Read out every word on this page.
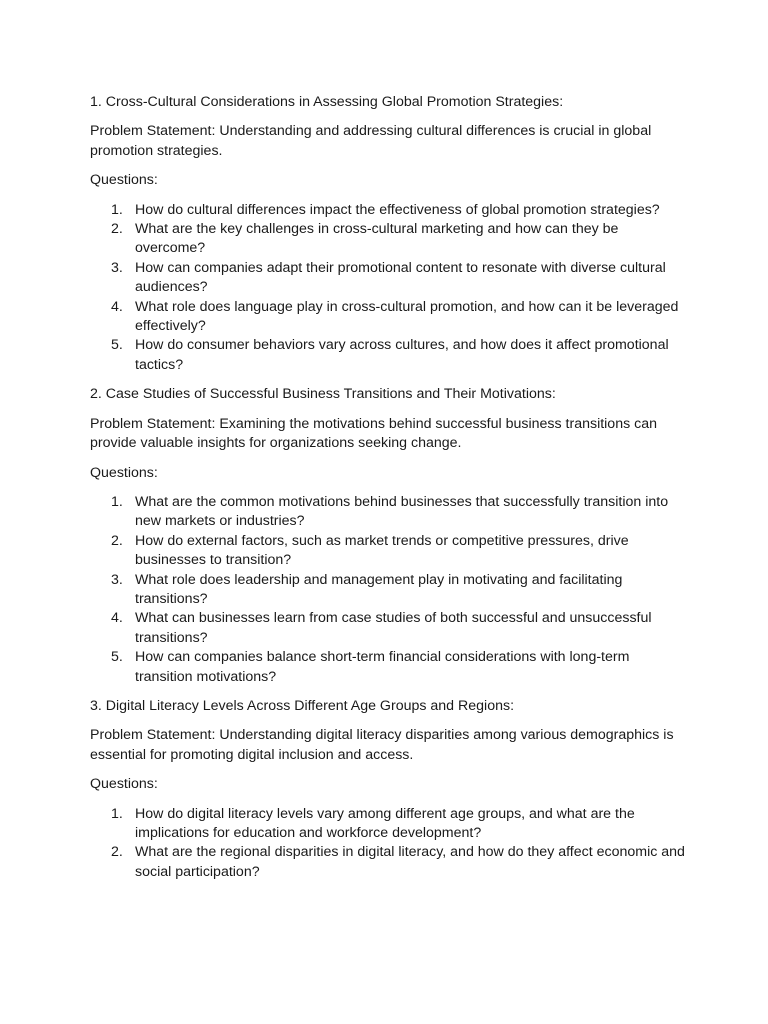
1. Cross-Cultural Considerations in Assessing Global Promotion Strategies:

Problem Statement: Understanding and addressing cultural differences is crucial in global promotion strategies.

Questions:

1. How do cultural differences impact the effectiveness of global promotion strategies?
2. What are the key challenges in cross-cultural marketing and how can they be overcome?
3. How can companies adapt their promotional content to resonate with diverse cultural audiences?
4. What role does language play in cross-cultural promotion, and how can it be leveraged effectively?
5. How do consumer behaviors vary across cultures, and how does it affect promotional tactics?

2. Case Studies of Successful Business Transitions and Their Motivations:

Problem Statement: Examining the motivations behind successful business transitions can provide valuable insights for organizations seeking change.

Questions:

1. What are the common motivations behind businesses that successfully transition into new markets or industries?
2. How do external factors, such as market trends or competitive pressures, drive businesses to transition?
3. What role does leadership and management play in motivating and facilitating transitions?
4. What can businesses learn from case studies of both successful and unsuccessful transitions?
5. How can companies balance short-term financial considerations with long-term transition motivations?

3. Digital Literacy Levels Across Different Age Groups and Regions:

Problem Statement: Understanding digital literacy disparities among various demographics is essential for promoting digital inclusion and access.

Questions:

1. How do digital literacy levels vary among different age groups, and what are the implications for education and workforce development?
2. What are the regional disparities in digital literacy, and how do they affect economic and social participation?
